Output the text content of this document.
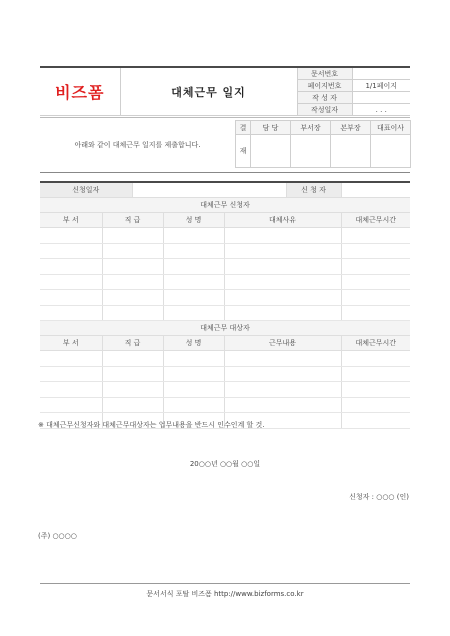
비즈폼	대체근무 일지	문서번호	
		페이지번호	1/1페이지
		작 성 자	
		작성일자	. . .
아래와 같이 대체근무 일지를 제출합니다.
결	담 당	부서장	본부장	대표이사
재				
신청일자					신 청 자	
대체근무 신청자						
부 서	직 급		성 명	대체사유		대체근무시간

대체근무 대상자						
부 서	직 급		성 명	근무내용		대체근무시간

※ 대체근무신청자와 대체근무대상자는 업무내용을 반드시 인수인계 할 것.
20○○년 ○○월 ○○일
신청자 : ○○○ (인)
(주) ○○○○
문서서식 포탈 비즈폼 http://www.bizforms.co.kr
